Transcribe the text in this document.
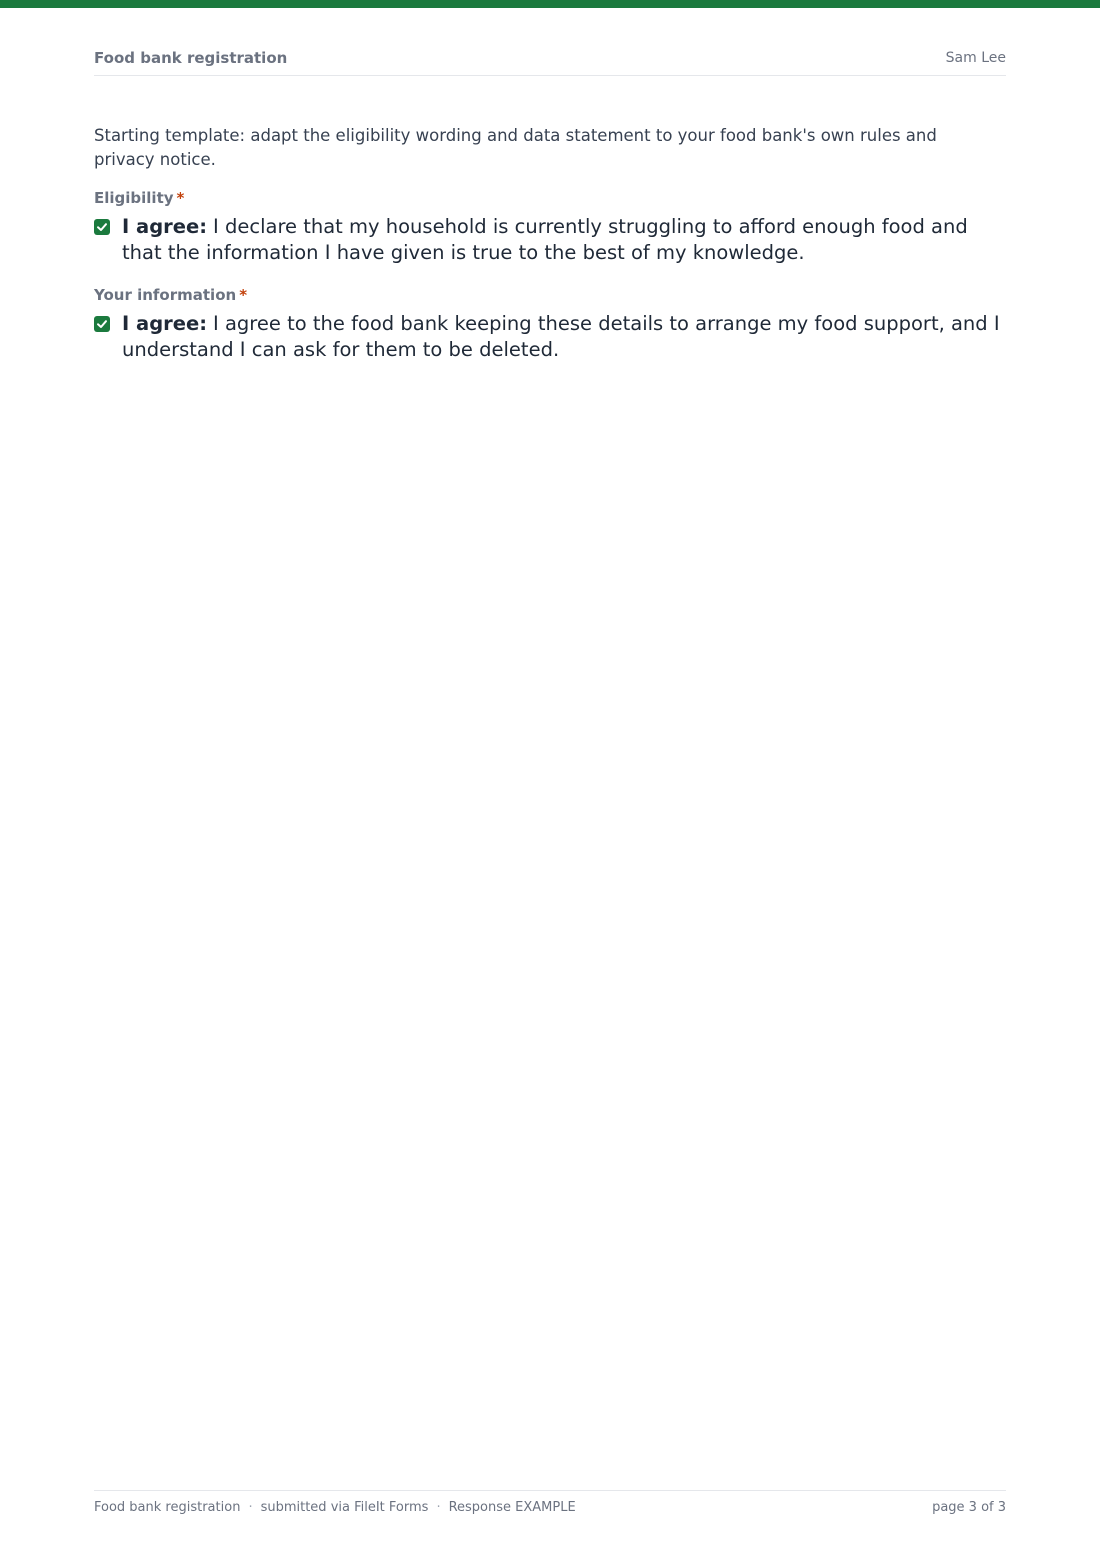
Food bank registration	Sam Lee

Starting template: adapt the eligibility wording and data statement to your food bank's own rules and privacy notice.

Eligibility *
I agree: I declare that my household is currently struggling to afford enough food and that the information I have given is true to the best of my knowledge.
Your information *
I agree: I agree to the food bank keeping these details to arrange my food support, and I understand I can ask for them to be deleted.
Food bank registration · submitted via FileIt Forms · Response EXAMPLE	page 3 of 3
